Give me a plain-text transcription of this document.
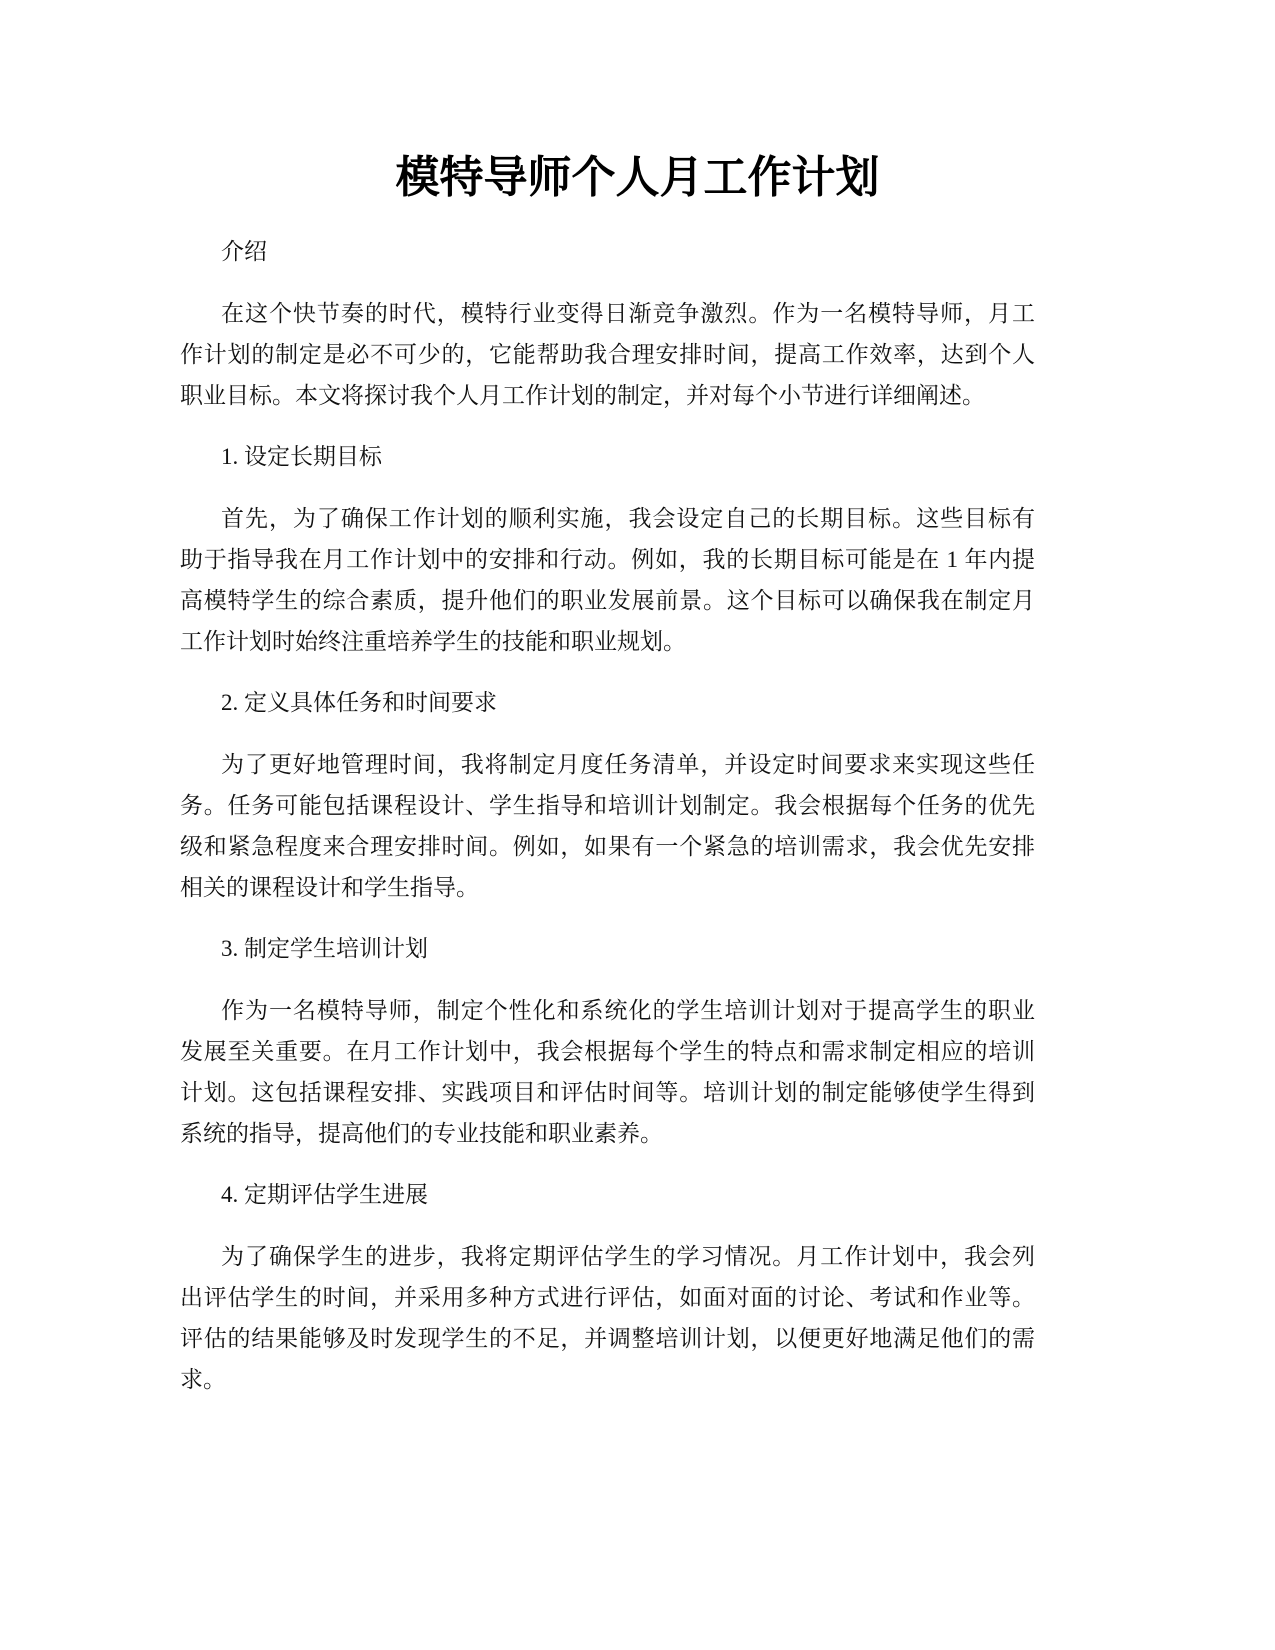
模特导师个人月工作计划
介绍
在这个快节奏的时代，模特行业变得日渐竞争激烈。作为一名模特导师，月工
作计划的制定是必不可少的，它能帮助我合理安排时间，提高工作效率，达到个人
职业目标。本文将探讨我个人月工作计划的制定，并对每个小节进行详细阐述。
1. 设定长期目标
首先，为了确保工作计划的顺利实施，我会设定自己的长期目标。这些目标有
助于指导我在月工作计划中的安排和行动。例如，我的长期目标可能是在 1 年内提
高模特学生的综合素质，提升他们的职业发展前景。这个目标可以确保我在制定月
工作计划时始终注重培养学生的技能和职业规划。
2. 定义具体任务和时间要求
为了更好地管理时间，我将制定月度任务清单，并设定时间要求来实现这些任
务。任务可能包括课程设计、学生指导和培训计划制定。我会根据每个任务的优先
级和紧急程度来合理安排时间。例如，如果有一个紧急的培训需求，我会优先安排
相关的课程设计和学生指导。
3. 制定学生培训计划
作为一名模特导师，制定个性化和系统化的学生培训计划对于提高学生的职业
发展至关重要。在月工作计划中，我会根据每个学生的特点和需求制定相应的培训
计划。这包括课程安排、实践项目和评估时间等。培训计划的制定能够使学生得到
系统的指导，提高他们的专业技能和职业素养。
4. 定期评估学生进展
为了确保学生的进步，我将定期评估学生的学习情况。月工作计划中，我会列
出评估学生的时间，并采用多种方式进行评估，如面对面的讨论、考试和作业等。
评估的结果能够及时发现学生的不足，并调整培训计划，以便更好地满足他们的需
求。
